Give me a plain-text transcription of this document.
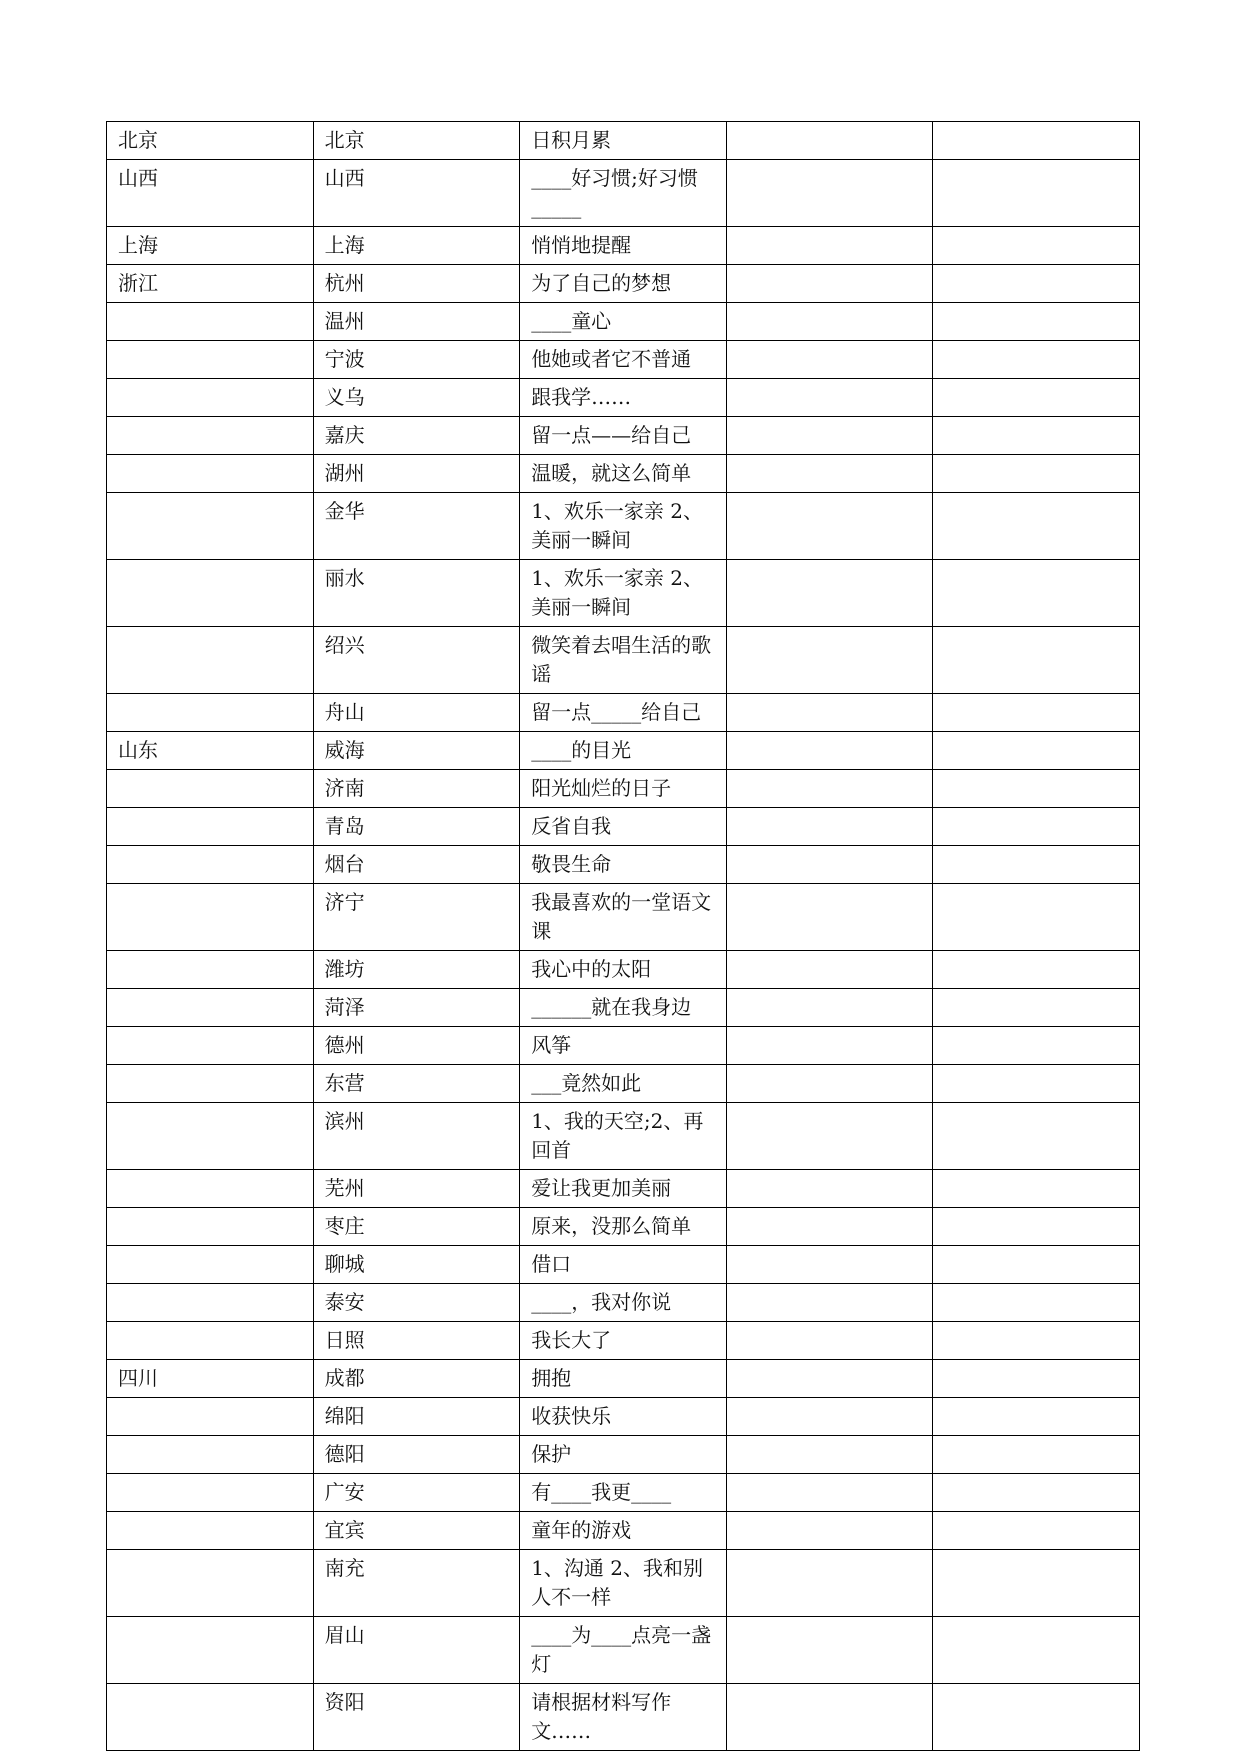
北京	北京	日积月累		
山西	山西	____好习惯;好习惯_____		
上海	上海	悄悄地提醒		
浙江	杭州	为了自己的梦想		
	温州	____童心		
	宁波	他她或者它不普通		
	义乌	跟我学……		
	嘉庆	留一点——给自己		
	湖州	温暖，就这么简单		
	金华	1、欢乐一家亲 2、美丽一瞬间		
	丽水	1、欢乐一家亲 2、美丽一瞬间		
	绍兴	微笑着去唱生活的歌谣		
	舟山	留一点_____给自己		
山东	威海	____的目光		
	济南	阳光灿烂的日子		
	青岛	反省自我		
	烟台	敬畏生命		
	济宁	我最喜欢的一堂语文课		
	潍坊	我心中的太阳		
	菏泽	______就在我身边		
	德州	风筝		
	东营	___竟然如此		
	滨州	1、我的天空;2、再回首		
	芜州	爱让我更加美丽		
	枣庄	原来，没那么简单		
	聊城	借口		
	泰安	____，我对你说		
	日照	我长大了		
四川	成都	拥抱		
	绵阳	收获快乐		
	德阳	保护		
	广安	有____我更____		
	宜宾	童年的游戏		
	南充	1、沟通 2、我和别人不一样		
	眉山	____为____点亮一盏灯		
	资阳	请根据材料写作文……		
